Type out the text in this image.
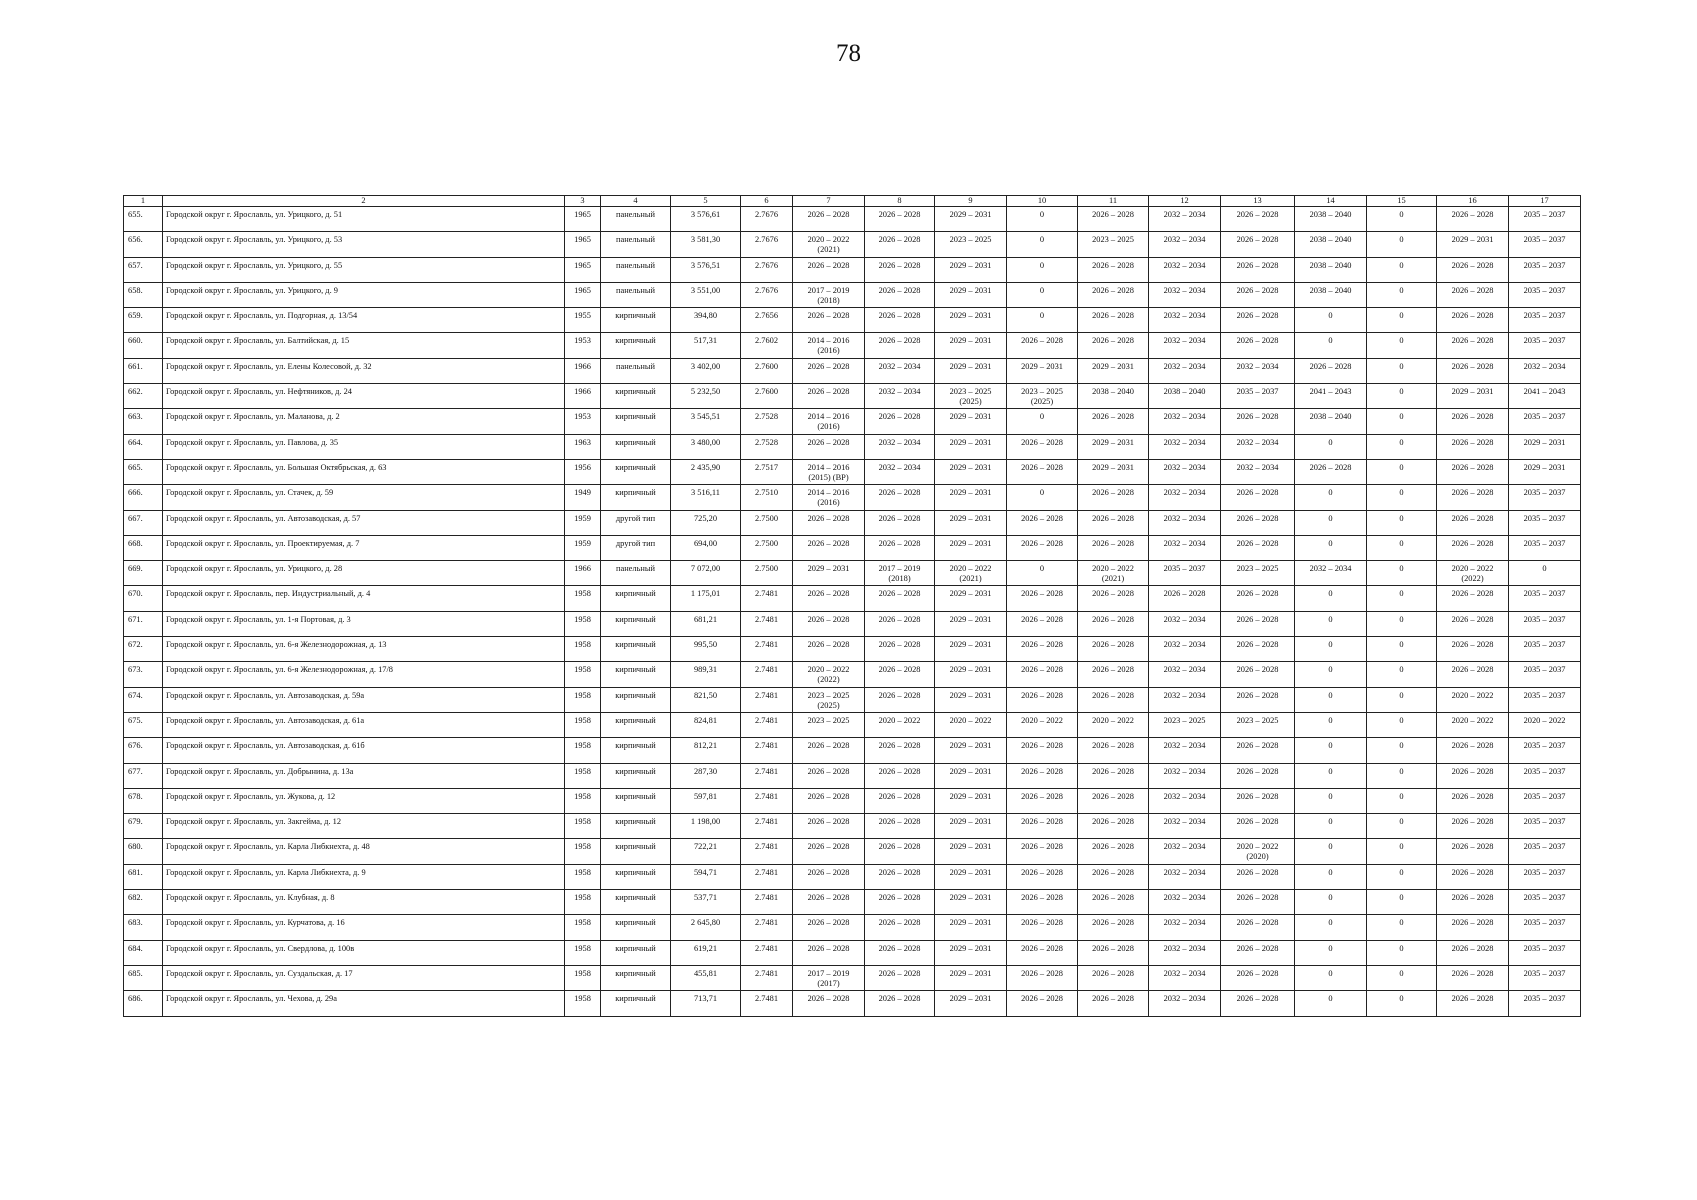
78
1	2	3	4	5	6	7	8	9	10	11	12	13	14	15	16	17
655.	Городской округ г. Ярославль, ул. Урицкого, д. 51	1965	панельный	3 576,61	2.7676	2026 – 2028	2026 – 2028	2029 – 2031	0	2026 – 2028	2032 – 2034	2026 – 2028	2038 – 2040	0	2026 – 2028	2035 – 2037
656.	Городской округ г. Ярославль, ул. Урицкого, д. 53	1965	панельный	3 581,30	2.7676	2020 – 2022
(2021)	2026 – 2028	2023 – 2025	0	2023 – 2025	2032 – 2034	2026 – 2028	2038 – 2040	0	2029 – 2031	2035 – 2037
657.	Городской округ г. Ярославль, ул. Урицкого, д. 55	1965	панельный	3 576,51	2.7676	2026 – 2028	2026 – 2028	2029 – 2031	0	2026 – 2028	2032 – 2034	2026 – 2028	2038 – 2040	0	2026 – 2028	2035 – 2037
658.	Городской округ г. Ярославль, ул. Урицкого, д. 9	1965	панельный	3 551,00	2.7676	2017 – 2019
(2018)	2026 – 2028	2029 – 2031	0	2026 – 2028	2032 – 2034	2026 – 2028	2038 – 2040	0	2026 – 2028	2035 – 2037
659.	Городской округ г. Ярославль, ул. Подгорная, д. 13/54	1955	кирпичный	394,80	2.7656	2026 – 2028	2026 – 2028	2029 – 2031	0	2026 – 2028	2032 – 2034	2026 – 2028	0	0	2026 – 2028	2035 – 2037
660.	Городской округ г. Ярославль, ул. Балтийская, д. 15	1953	кирпичный	517,31	2.7602	2014 – 2016
(2016)	2026 – 2028	2029 – 2031	2026 – 2028	2026 – 2028	2032 – 2034	2026 – 2028	0	0	2026 – 2028	2035 – 2037
661.	Городской округ г. Ярославль, ул. Елены Колесовой, д. 32	1966	панельный	3 402,00	2.7600	2026 – 2028	2032 – 2034	2029 – 2031	2029 – 2031	2029 – 2031	2032 – 2034	2032 – 2034	2026 – 2028	0	2026 – 2028	2032 – 2034
662.	Городской округ г. Ярославль, ул. Нефтяников, д. 24	1966	кирпичный	5 232,50	2.7600	2026 – 2028	2032 – 2034	2023 – 2025
(2025)	2023 – 2025
(2025)	2038 – 2040	2038 – 2040	2035 – 2037	2041 – 2043	0	2029 – 2031	2041 – 2043
663.	Городской округ г. Ярославль, ул. Маланова, д. 2	1953	кирпичный	3 545,51	2.7528	2014 – 2016
(2016)	2026 – 2028	2029 – 2031	0	2026 – 2028	2032 – 2034	2026 – 2028	2038 – 2040	0	2026 – 2028	2035 – 2037
664.	Городской округ г. Ярославль, ул. Павлова, д. 35	1963	кирпичный	3 480,00	2.7528	2026 – 2028	2032 – 2034	2029 – 2031	2026 – 2028	2029 – 2031	2032 – 2034	2032 – 2034	0	0	2026 – 2028	2029 – 2031
665.	Городской округ г. Ярославль, ул. Большая Октябрьская, д. 63	1956	кирпичный	2 435,90	2.7517	2014 – 2016
(2015) (ВР)	2032 – 2034	2029 – 2031	2026 – 2028	2029 – 2031	2032 – 2034	2032 – 2034	2026 – 2028	0	2026 – 2028	2029 – 2031
666.	Городской округ г. Ярославль, ул. Стачек, д. 59	1949	кирпичный	3 516,11	2.7510	2014 – 2016
(2016)	2026 – 2028	2029 – 2031	0	2026 – 2028	2032 – 2034	2026 – 2028	0	0	2026 – 2028	2035 – 2037
667.	Городской округ г. Ярославль, ул. Автозаводская, д. 57	1959	другой тип	725,20	2.7500	2026 – 2028	2026 – 2028	2029 – 2031	2026 – 2028	2026 – 2028	2032 – 2034	2026 – 2028	0	0	2026 – 2028	2035 – 2037
668.	Городской округ г. Ярославль, ул. Проектируемая, д. 7	1959	другой тип	694,00	2.7500	2026 – 2028	2026 – 2028	2029 – 2031	2026 – 2028	2026 – 2028	2032 – 2034	2026 – 2028	0	0	2026 – 2028	2035 – 2037
669.	Городской округ г. Ярославль, ул. Урицкого, д. 28	1966	панельный	7 072,00	2.7500	2029 – 2031	2017 – 2019
(2018)	2020 – 2022
(2021)	0	2020 – 2022
(2021)	2035 – 2037	2023 – 2025	2032 – 2034	0	2020 – 2022
(2022)	0
670.	Городской округ г. Ярославль, пер. Индустриальный, д. 4	1958	кирпичный	1 175,01	2.7481	2026 – 2028	2026 – 2028	2029 – 2031	2026 – 2028	2026 – 2028	2026 – 2028	2026 – 2028	0	0	2026 – 2028	2035 – 2037
671.	Городской округ г. Ярославль, ул. 1-я Портовая, д. 3	1958	кирпичный	681,21	2.7481	2026 – 2028	2026 – 2028	2029 – 2031	2026 – 2028	2026 – 2028	2032 – 2034	2026 – 2028	0	0	2026 – 2028	2035 – 2037
672.	Городской округ г. Ярославль, ул. 6-я Железнодорожная, д. 13	1958	кирпичный	995,50	2.7481	2026 – 2028	2026 – 2028	2029 – 2031	2026 – 2028	2026 – 2028	2032 – 2034	2026 – 2028	0	0	2026 – 2028	2035 – 2037
673.	Городской округ г. Ярославль, ул. 6-я Железнодорожная, д. 17/8	1958	кирпичный	989,31	2.7481	2020 – 2022
(2022)	2026 – 2028	2029 – 2031	2026 – 2028	2026 – 2028	2032 – 2034	2026 – 2028	0	0	2026 – 2028	2035 – 2037
674.	Городской округ г. Ярославль, ул. Автозаводская, д. 59а	1958	кирпичный	821,50	2.7481	2023 – 2025
(2025)	2026 – 2028	2029 – 2031	2026 – 2028	2026 – 2028	2032 – 2034	2026 – 2028	0	0	2020 – 2022	2035 – 2037
675.	Городской округ г. Ярославль, ул. Автозаводская, д. 61а	1958	кирпичный	824,81	2.7481	2023 – 2025	2020 – 2022	2020 – 2022	2020 – 2022	2020 – 2022	2023 – 2025	2023 – 2025	0	0	2020 – 2022	2020 – 2022
676.	Городской округ г. Ярославль, ул. Автозаводская, д. 61б	1958	кирпичный	812,21	2.7481	2026 – 2028	2026 – 2028	2029 – 2031	2026 – 2028	2026 – 2028	2032 – 2034	2026 – 2028	0	0	2026 – 2028	2035 – 2037
677.	Городской округ г. Ярославль, ул. Добрынина, д. 13а	1958	кирпичный	287,30	2.7481	2026 – 2028	2026 – 2028	2029 – 2031	2026 – 2028	2026 – 2028	2032 – 2034	2026 – 2028	0	0	2026 – 2028	2035 – 2037
678.	Городской округ г. Ярославль, ул. Жукова, д. 12	1958	кирпичный	597,81	2.7481	2026 – 2028	2026 – 2028	2029 – 2031	2026 – 2028	2026 – 2028	2032 – 2034	2026 – 2028	0	0	2026 – 2028	2035 – 2037
679.	Городской округ г. Ярославль, ул. Закгейма, д. 12	1958	кирпичный	1 198,00	2.7481	2026 – 2028	2026 – 2028	2029 – 2031	2026 – 2028	2026 – 2028	2032 – 2034	2026 – 2028	0	0	2026 – 2028	2035 – 2037
680.	Городской округ г. Ярославль, ул. Карла Либкнехта, д. 48	1958	кирпичный	722,21	2.7481	2026 – 2028	2026 – 2028	2029 – 2031	2026 – 2028	2026 – 2028	2032 – 2034	2020 – 2022
(2020)	0	0	2026 – 2028	2035 – 2037
681.	Городской округ г. Ярославль, ул. Карла Либкнехта, д. 9	1958	кирпичный	594,71	2.7481	2026 – 2028	2026 – 2028	2029 – 2031	2026 – 2028	2026 – 2028	2032 – 2034	2026 – 2028	0	0	2026 – 2028	2035 – 2037
682.	Городской округ г. Ярославль, ул. Клубная, д. 8	1958	кирпичный	537,71	2.7481	2026 – 2028	2026 – 2028	2029 – 2031	2026 – 2028	2026 – 2028	2032 – 2034	2026 – 2028	0	0	2026 – 2028	2035 – 2037
683.	Городской округ г. Ярославль, ул. Курчатова, д. 16	1958	кирпичный	2 645,80	2.7481	2026 – 2028	2026 – 2028	2029 – 2031	2026 – 2028	2026 – 2028	2032 – 2034	2026 – 2028	0	0	2026 – 2028	2035 – 2037
684.	Городской округ г. Ярославль, ул. Свердлова, д. 100в	1958	кирпичный	619,21	2.7481	2026 – 2028	2026 – 2028	2029 – 2031	2026 – 2028	2026 – 2028	2032 – 2034	2026 – 2028	0	0	2026 – 2028	2035 – 2037
685.	Городской округ г. Ярославль, ул. Суздальская, д. 17	1958	кирпичный	455,81	2.7481	2017 – 2019
(2017)	2026 – 2028	2029 – 2031	2026 – 2028	2026 – 2028	2032 – 2034	2026 – 2028	0	0	2026 – 2028	2035 – 2037
686.	Городской округ г. Ярославль, ул. Чехова, д. 29а	1958	кирпичный	713,71	2.7481	2026 – 2028	2026 – 2028	2029 – 2031	2026 – 2028	2026 – 2028	2032 – 2034	2026 – 2028	0	0	2026 – 2028	2035 – 2037
